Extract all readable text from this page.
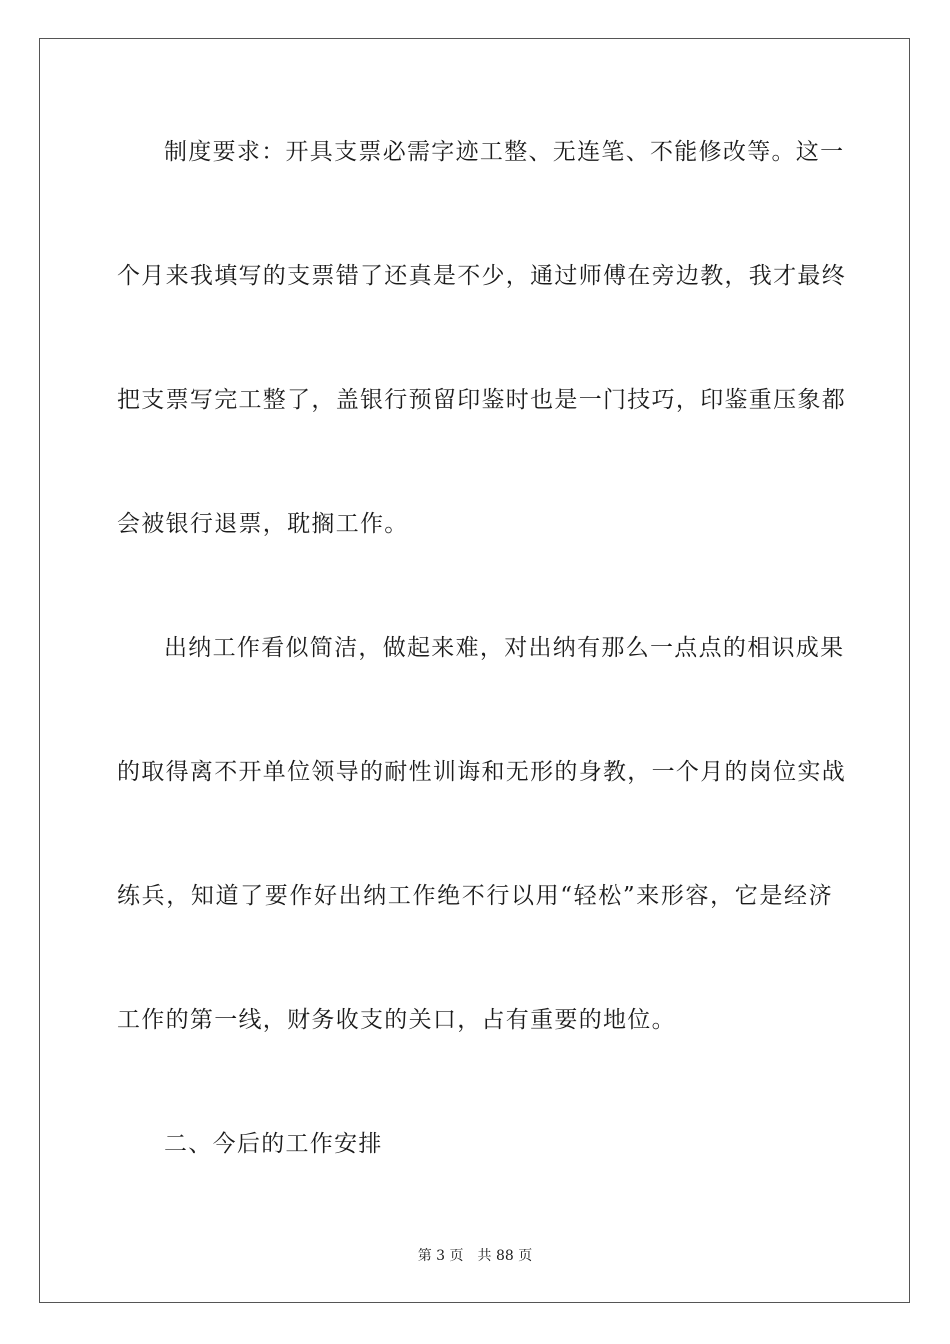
制度要求：开具支票必需字迹工整、无连笔、不能修改等。这一
个月来我填写的支票错了还真是不少，通过师傅在旁边教，我才最终
把支票写完工整了，盖银行预留印鉴时也是一门技巧，印鉴重压象都
会被银行退票，耽搁工作。
出纳工作看似简洁，做起来难，对出纳有那么一点点的相识成果
的取得离不开单位领导的耐性训诲和无形的身教，一个月的岗位实战
练兵，知道了要作好出纳工作绝不行以用“轻松”来形容，它是经济
工作的第一线，财务收支的关口，占有重要的地位。
二、今后的工作安排
第 3 页　共 88 页
